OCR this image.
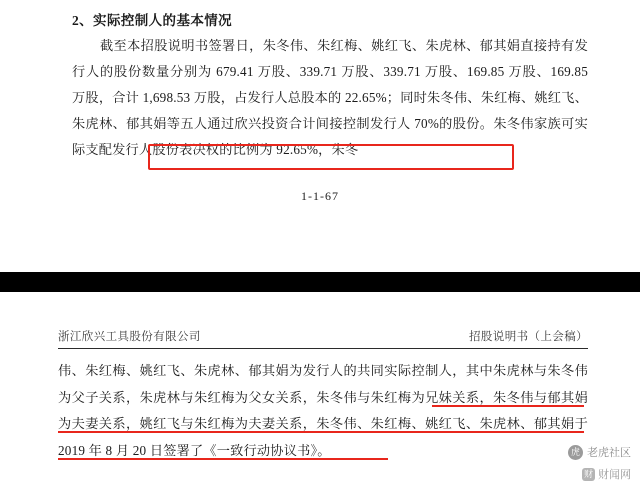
2、实际控制人的基本情况

截至本招股说明书签署日，朱冬伟、朱红梅、姚红飞、朱虎林、郁其娟直接持有发行人的股份数量分别为 679.41 万股、339.71 万股、339.71 万股、169.85 万股、169.85 万股，合计 1,698.53 万股，占发行人总股本的 22.65%；同时朱冬伟、朱红梅、姚红飞、朱虎林、郁其娟等五人通过欣兴投资合计间接控制发行人 70%的股份。朱冬伟家族可实际支配发行人股份表决权的比例为 92.65%，朱冬

1-1-67
浙江欣兴工具股份有限公司	招股说明书（上会稿）

伟、朱红梅、姚红飞、朱虎林、郁其娟为发行人的共同实际控制人，其中朱虎林与朱冬伟为父子关系，朱虎林与朱红梅为父女关系，朱冬伟与朱红梅为兄妹关系，朱冬伟与郁其娟为夫妻关系，姚红飞与朱红梅为夫妻关系，朱冬伟、朱红梅、姚红飞、朱虎林、郁其娟于 2019 年 8 月 20 日签署了《一致行动协议书》。	虎 老虎社区
财 财闻网
